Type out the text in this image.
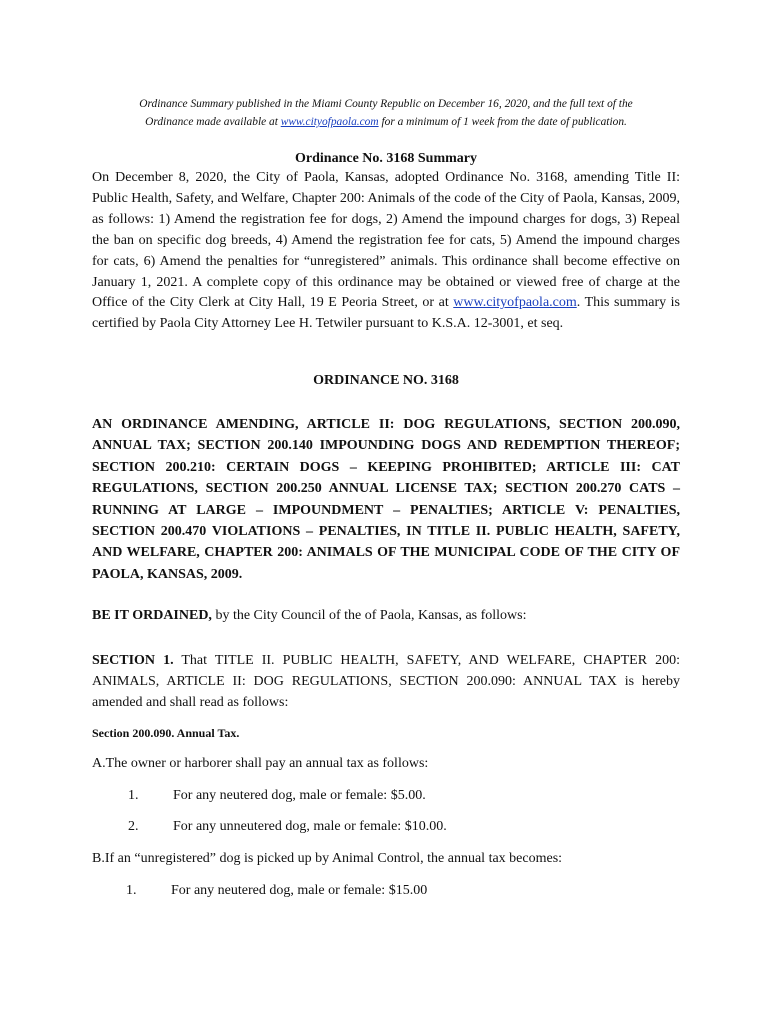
Ordinance Summary published in the Miami County Republic on December 16, 2020, and the full text of the
Ordinance made available at www.cityofpaola.com for a minimum of 1 week from the date of publication.
Ordinance No. 3168 Summary
On December 8, 2020, the City of Paola, Kansas, adopted Ordinance No. 3168, amending Title II: Public Health, Safety, and Welfare, Chapter 200: Animals of the code of the City of Paola, Kansas, 2009, as follows: 1) Amend the registration fee for dogs, 2) Amend the impound charges for dogs, 3) Repeal the ban on specific dog breeds, 4) Amend the registration fee for cats, 5) Amend the impound charges for cats, 6) Amend the penalties for “unregistered” animals. This ordinance shall become effective on January 1, 2021. A complete copy of this ordinance may be obtained or viewed free of charge at the Office of the City Clerk at City Hall, 19 E Peoria Street, or at www.cityofpaola.com. This summary is certified by Paola City Attorney Lee H. Tetwiler pursuant to K.S.A. 12-3001, et seq.
ORDINANCE NO. 3168
AN ORDINANCE AMENDING, ARTICLE II: DOG REGULATIONS, SECTION 200.090, ANNUAL TAX; SECTION 200.140 IMPOUNDING DOGS AND REDEMPTION THEREOF; SECTION 200.210: CERTAIN DOGS – KEEPING PROHIBITED; ARTICLE III: CAT REGULATIONS, SECTION 200.250 ANNUAL LICENSE TAX; SECTION 200.270 CATS – RUNNING AT LARGE – IMPOUNDMENT – PENALTIES; ARTICLE V: PENALTIES, SECTION 200.470 VIOLATIONS – PENALTIES, IN TITLE II. PUBLIC HEALTH, SAFETY, AND WELFARE, CHAPTER 200: ANIMALS OF THE MUNICIPAL CODE OF THE CITY OF PAOLA, KANSAS, 2009.
BE IT ORDAINED, by the City Council of the of Paola, Kansas, as follows:
SECTION 1. That TITLE II. PUBLIC HEALTH, SAFETY, AND WELFARE, CHAPTER 200: ANIMALS, ARTICLE II: DOG REGULATIONS, SECTION 200.090: ANNUAL TAX is hereby amended and shall read as follows:
Section 200.090. Annual Tax.
A.The owner or harborer shall pay an annual tax as follows:
1. For any neutered dog, male or female: $5.00.
2. For any unneutered dog, male or female: $10.00.
B.If an “unregistered” dog is picked up by Animal Control, the annual tax becomes:
1. For any neutered dog, male or female: $15.00
